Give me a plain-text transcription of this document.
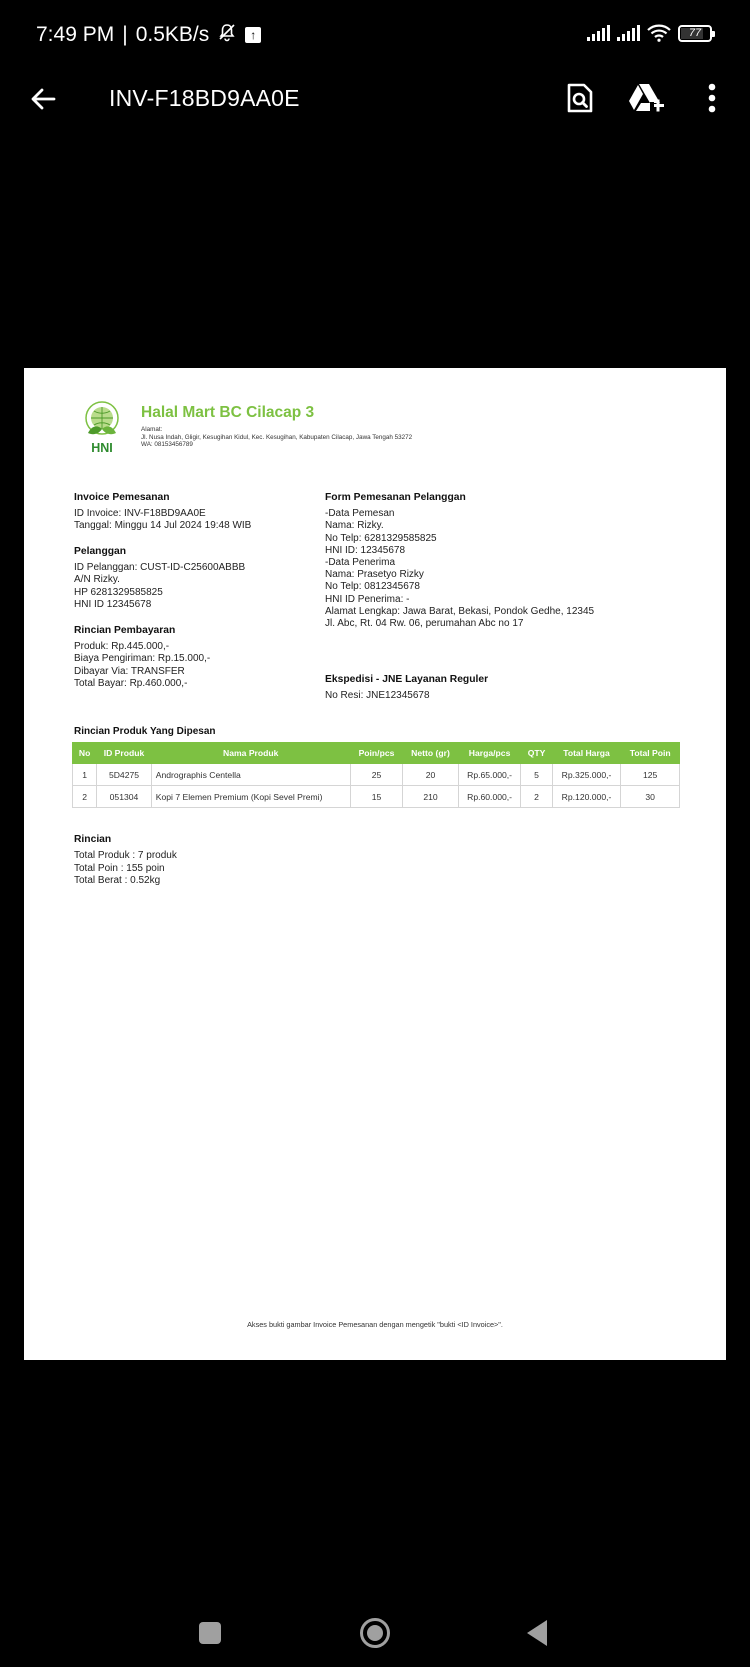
7:49 PM | 0.5KB/s	↑	77
INV-F18BD9AA0E
HNI
Halal Mart BC Cilacap 3
Alamat:
Jl. Nusa Indah, Gligir, Kesugihan Kidul, Kec. Kesugihan, Kabupaten Cilacap, Jawa Tengah 53272
WA: 08153456789
Invoice Pemesanan

ID Invoice: INV-F18BD9AA0E

Tanggal: Minggu 14 Jul 2024 19:48 WIB

Pelanggan

ID Pelanggan: CUST-ID-C25600ABBB

A/N Rizky.

HP 6281329585825

HNI ID 12345678

Rincian Pembayaran

Produk: Rp.445.000,-

Biaya Pengiriman: Rp.15.000,-

Dibayar Via: TRANSFER

Total Bayar: Rp.460.000,-

Form Pemesanan Pelanggan

-Data Pemesan

Nama: Rizky.

No Telp: 6281329585825

HNI ID: 12345678

-Data Penerima

Nama: Prasetyo Rizky

No Telp: 0812345678

HNI ID Penerima: -

Alamat Lengkap: Jawa Barat, Bekasi, Pondok Gedhe, 12345

Jl. Abc, Rt. 04 Rw. 06, perumahan Abc no 17

Ekspedisi - JNE Layanan Reguler

No Resi: JNE12345678

Rincian Produk Yang Dipesan
No	ID Produk	Nama Produk	Poin/pcs	Netto (gr)	Harga/pcs	QTY	Total Harga	Total Poin
1	5D4275	Andrographis Centella	25	20	Rp.65.000,-	5	Rp.325.000,-	125
2	051304	Kopi 7 Elemen Premium (Kopi Sevel Premi)	15	210	Rp.60.000,-	2	Rp.120.000,-	30
Rincian

Total Produk : 7 produk

Total Poin : 155 poin

Total Berat : 0.52kg

Akses bukti gambar Invoice Pemesanan dengan mengetik "bukti <ID Invoice>".
